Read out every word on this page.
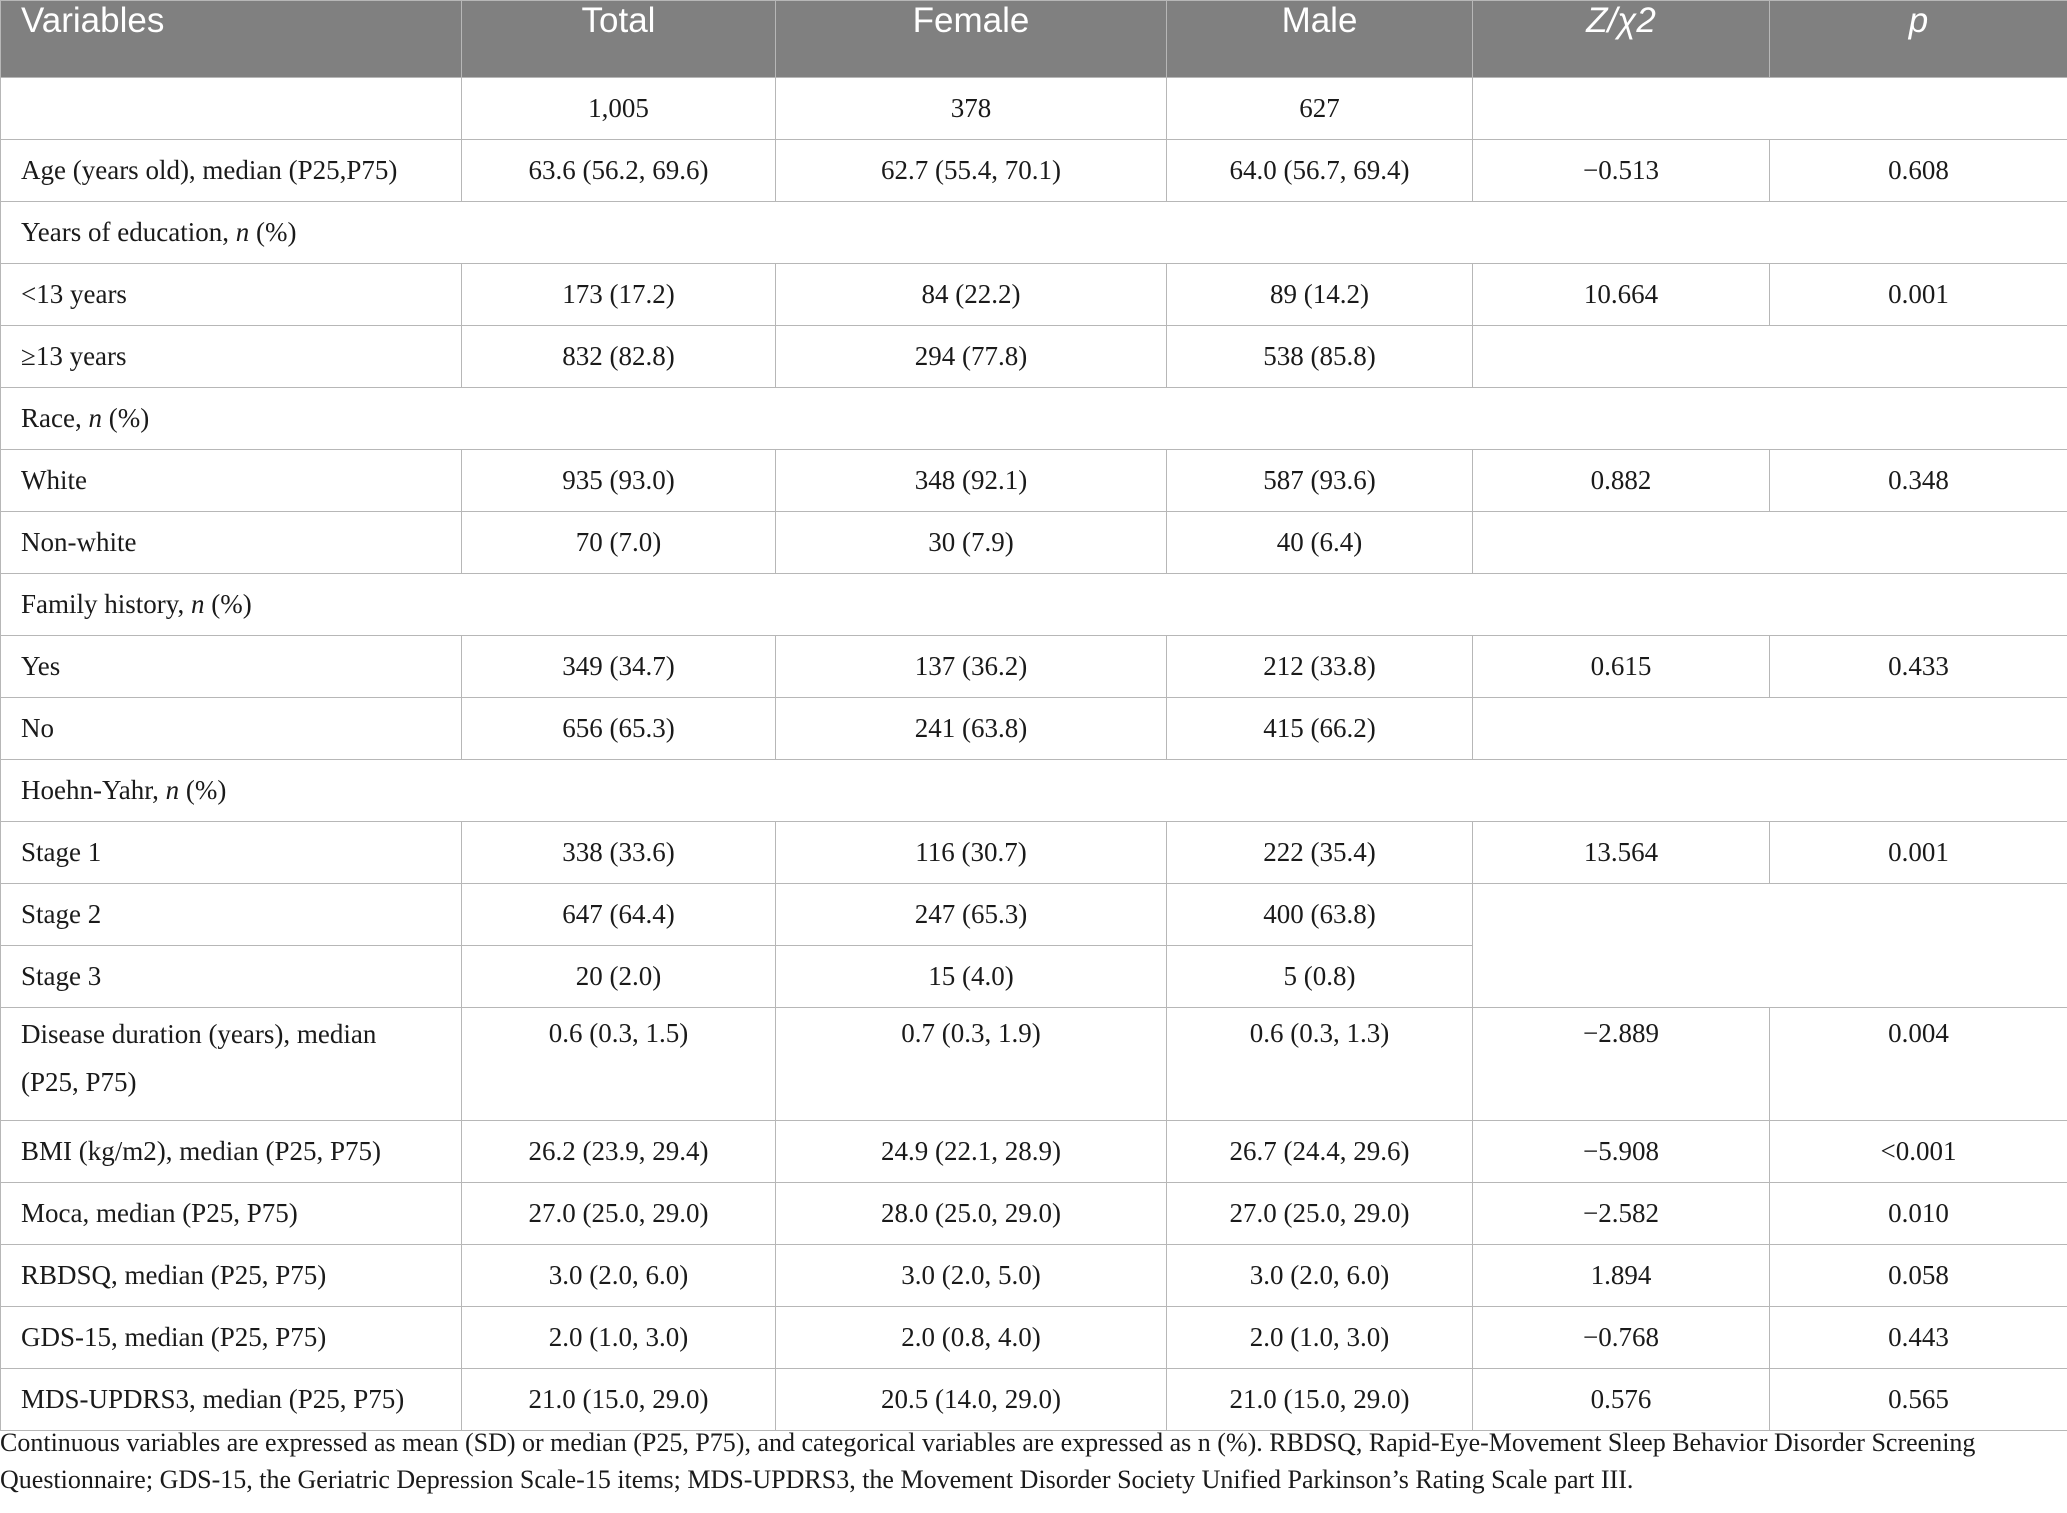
Variables	Total	Female	Male	Z/χ2	p
	1,005	378	627		
Age (years old), median (P25,P75)	63.6 (56.2, 69.6)	62.7 (55.4, 70.1)	64.0 (56.7, 69.4)	−0.513	0.608
Years of education, n (%)					
<13 years	173 (17.2)	84 (22.2)	89 (14.2)	10.664	0.001
≥13 years	832 (82.8)	294 (77.8)	538 (85.8)		
Race, n (%)					
White	935 (93.0)	348 (92.1)	587 (93.6)	0.882	0.348
Non-white	70 (7.0)	30 (7.9)	40 (6.4)		
Family history, n (%)					
Yes	349 (34.7)	137 (36.2)	212 (33.8)	0.615	0.433
No	656 (65.3)	241 (63.8)	415 (66.2)		
Hoehn-Yahr, n (%)					
Stage 1	338 (33.6)	116 (30.7)	222 (35.4)	13.564	0.001
Stage 2	647 (64.4)	247 (65.3)	400 (63.8)		
Stage 3	20 (2.0)	15 (4.0)	5 (0.8)		
Disease duration (years), median
(P25, P75)	0.6 (0.3, 1.5)	0.7 (0.3, 1.9)	0.6 (0.3, 1.3)	−2.889	0.004
BMI (kg/m2), median (P25, P75)	26.2 (23.9, 29.4)	24.9 (22.1, 28.9)	26.7 (24.4, 29.6)	−5.908	<0.001
Moca, median (P25, P75)	27.0 (25.0, 29.0)	28.0 (25.0, 29.0)	27.0 (25.0, 29.0)	−2.582	0.010
RBDSQ, median (P25, P75)	3.0 (2.0, 6.0)	3.0 (2.0, 5.0)	3.0 (2.0, 6.0)	1.894	0.058
GDS-15, median (P25, P75)	2.0 (1.0, 3.0)	2.0 (0.8, 4.0)	2.0 (1.0, 3.0)	−0.768	0.443
MDS-UPDRS3, median (P25, P75)	21.0 (15.0, 29.0)	20.5 (14.0, 29.0)	21.0 (15.0, 29.0)	0.576	0.565
Continuous variables are expressed as mean (SD) or median (P25, P75), and categorical variables are expressed as n (%). RBDSQ, Rapid-Eye-Movement Sleep Behavior Disorder Screening
Questionnaire; GDS-15, the Geriatric Depression Scale-15 items; MDS-UPDRS3, the Movement Disorder Society Unified Parkinson’s Rating Scale part III.
